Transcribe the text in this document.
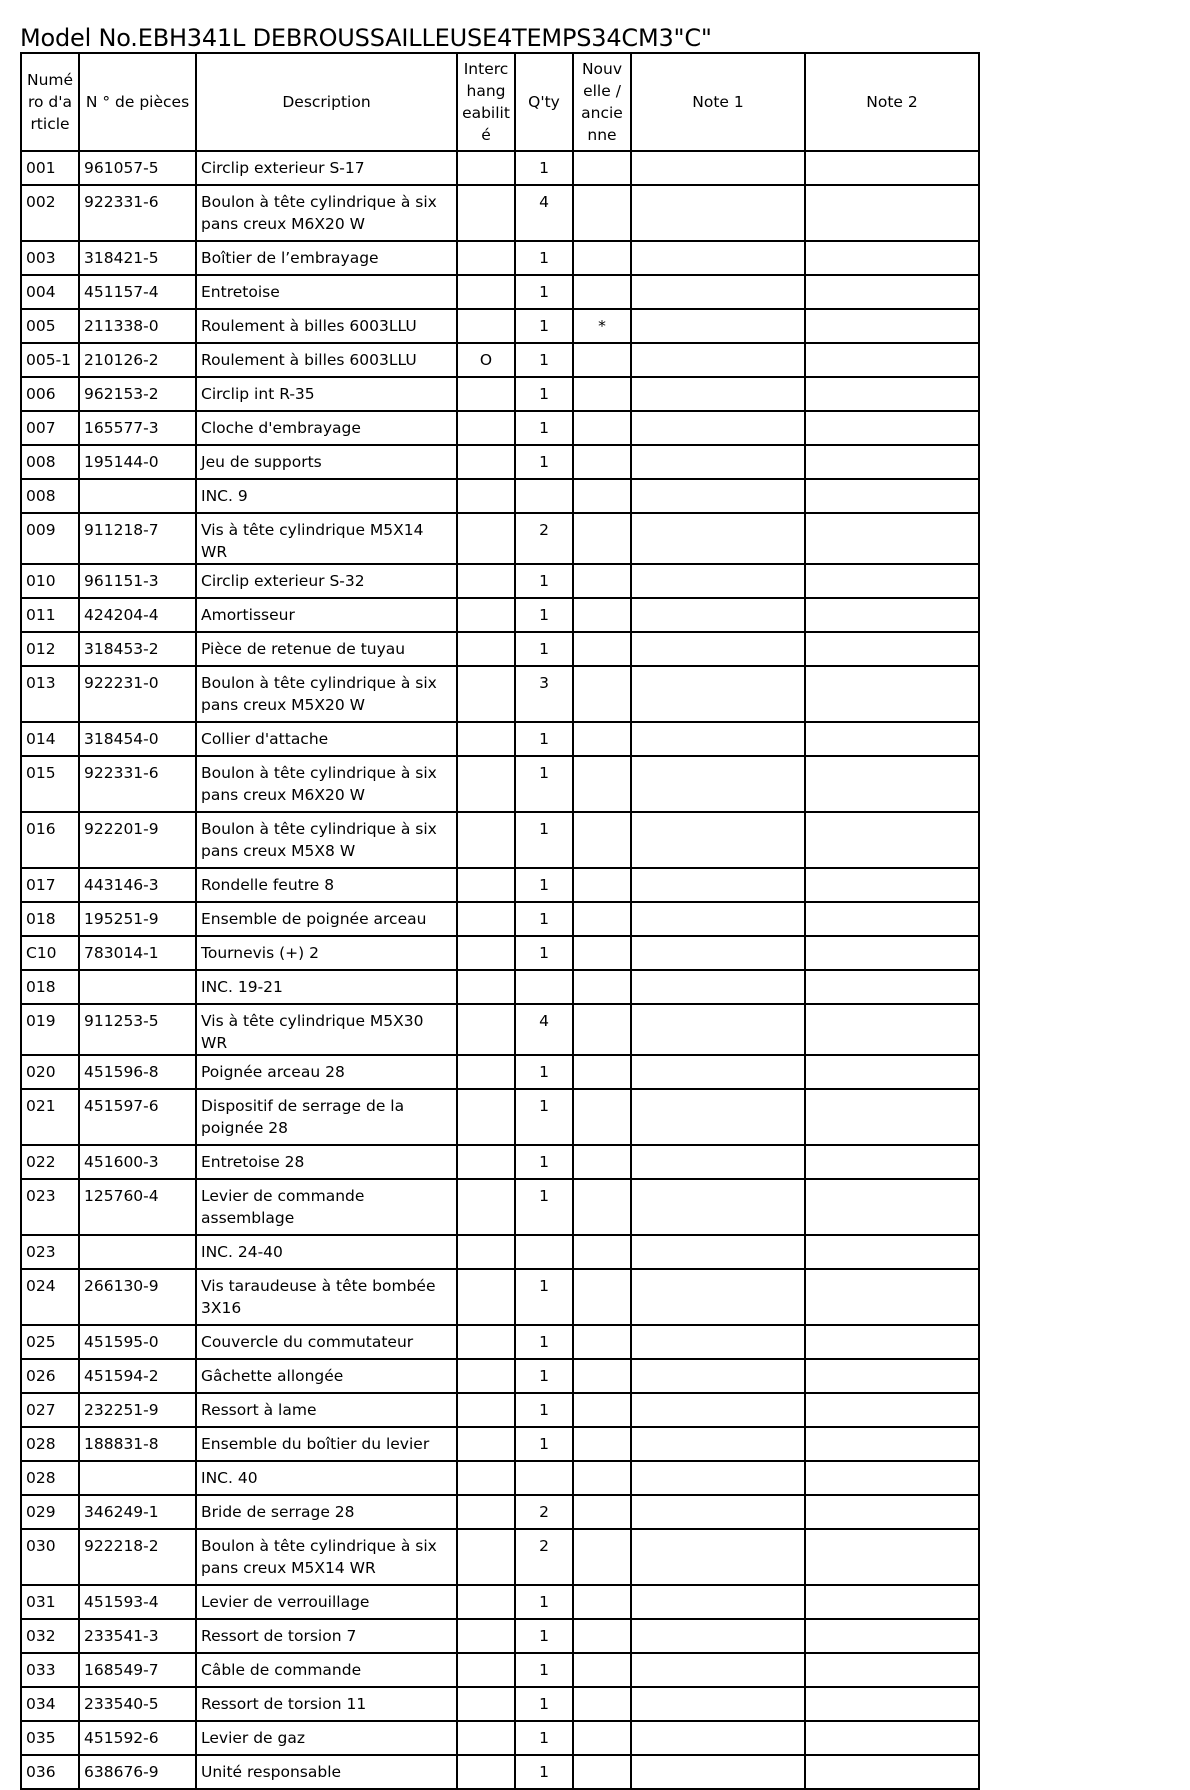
Model No.EBH341L DEBROUSSAILLEUSE4TEMPS34CM3"C"
Numé ro d'a rticle	N ° de pièces	Description	Interc hang eabilit é	Q'ty	Nouv elle / ancie nne	Note 1	Note 2
001	961057-5	Circlip exterieur S-17		1			
002	922331-6	Boulon à tête cylindrique à six pans creux M6X20 W		4			
003	318421-5	Boîtier de l’embrayage		1			
004	451157-4	Entretoise		1			
005	211338-0	Roulement à billes 6003LLU		1	*		
005-1	210126-2	Roulement à billes 6003LLU	O	1			
006	962153-2	Circlip int R-35		1			
007	165577-3	Cloche d'embrayage		1			
008	195144-0	Jeu de supports		1			
008		INC. 9					
009	911218-7	Vis à tête cylindrique M5X14 WR		2			
010	961151-3	Circlip exterieur S-32		1			
011	424204-4	Amortisseur		1			
012	318453-2	Pièce de retenue de tuyau		1			
013	922231-0	Boulon à tête cylindrique à six pans creux M5X20 W		3			
014	318454-0	Collier d'attache		1			
015	922331-6	Boulon à tête cylindrique à six pans creux M6X20 W		1			
016	922201-9	Boulon à tête cylindrique à six pans creux M5X8 W		1			
017	443146-3	Rondelle feutre 8		1			
018	195251-9	Ensemble de poignée arceau		1			
C10	783014-1	Tournevis (+) 2		1			
018		INC. 19-21					
019	911253-5	Vis à tête cylindrique M5X30 WR		4			
020	451596-8	Poignée arceau 28		1			
021	451597-6	Dispositif de serrage de la poignée 28		1			
022	451600-3	Entretoise 28		1			
023	125760-4	Levier de commande assemblage		1			
023		INC. 24-40					
024	266130-9	Vis taraudeuse à tête bombée 3X16		1			
025	451595-0	Couvercle du commutateur		1			
026	451594-2	Gâchette allongée		1			
027	232251-9	Ressort à lame		1			
028	188831-8	Ensemble du boîtier du levier		1			
028		INC. 40					
029	346249-1	Bride de serrage 28		2			
030	922218-2	Boulon à tête cylindrique à six pans creux M5X14 WR		2			
031	451593-4	Levier de verrouillage		1			
032	233541-3	Ressort de torsion 7		1			
033	168549-7	Câble de commande		1			
034	233540-5	Ressort de torsion 11		1			
035	451592-6	Levier de gaz		1			
036	638676-9	Unité responsable		1			
